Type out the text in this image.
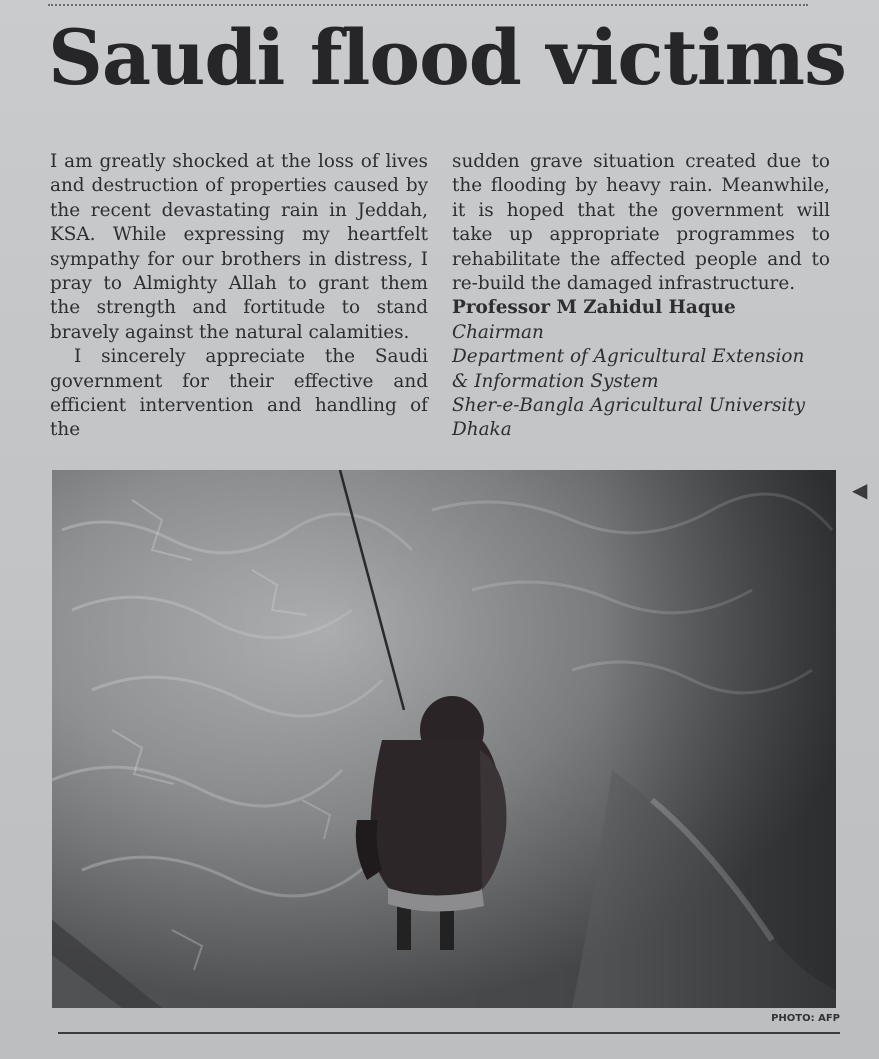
Saudi flood victims

I am greatly shocked at the loss of lives and destruction of properties caused by the recent devastating rain in Jeddah, KSA. While expressing my heartfelt sympathy for our brothers in distress, I pray to Almighty Allah to grant them the strength and fortitude to stand bravely against the natural calamities.

I sincerely appreciate the Saudi government for their effective and efficient intervention and handling of the

sudden grave situation created due to the flooding by heavy rain. Meanwhile, it is hoped that the government will take up appropriate programmes to rehabilitate the affected people and to re-build the damaged infrastructure.

Professor M Zahidul Haque

Chairman

Department of Agricultural Extension

& Information System

Sher-e-Bangla Agricultural University

Dhaka

PHOTO: AFP
◀
